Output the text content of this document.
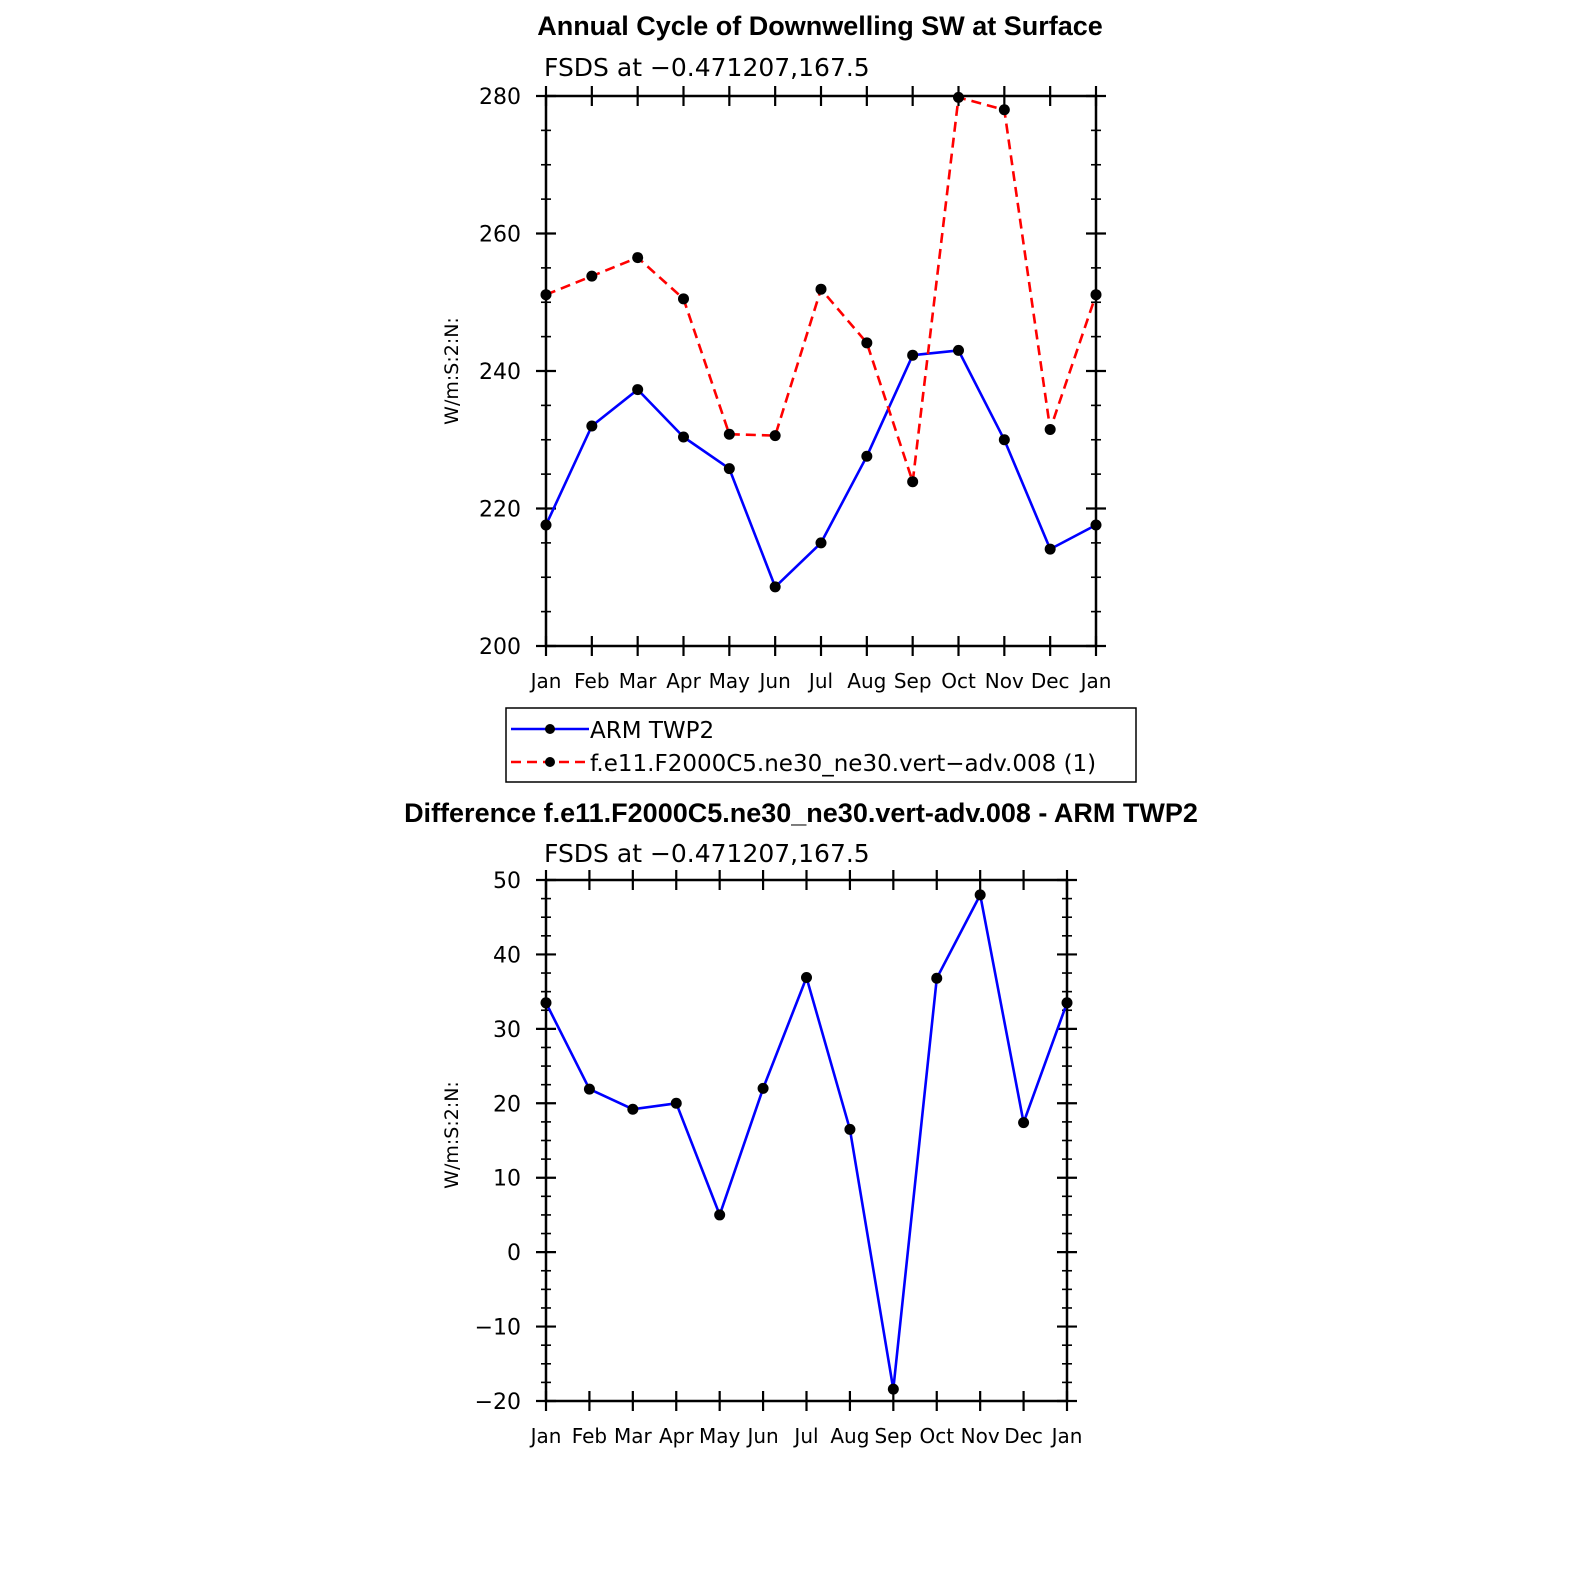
Annual Cycle of Downwelling SW at Surface
FSDS at −0.471207,167.5
W/m:S:2:N:
200
220
240
260
280
Jan Feb Mar Apr May Jun Jul Aug Sep Oct Nov Dec Jan
ARM TWP2
f.e11.F2000C5.ne30_ne30.vert−adv.008 (1)
Difference f.e11.F2000C5.ne30_ne30.vert-adv.008 - ARM TWP2
FSDS at −0.471207,167.5
W/m:S:2:N:
−20
−10
0
10
20
30
40
50
Jan Feb Mar Apr May Jun Jul Aug Sep Oct Nov Dec Jan
